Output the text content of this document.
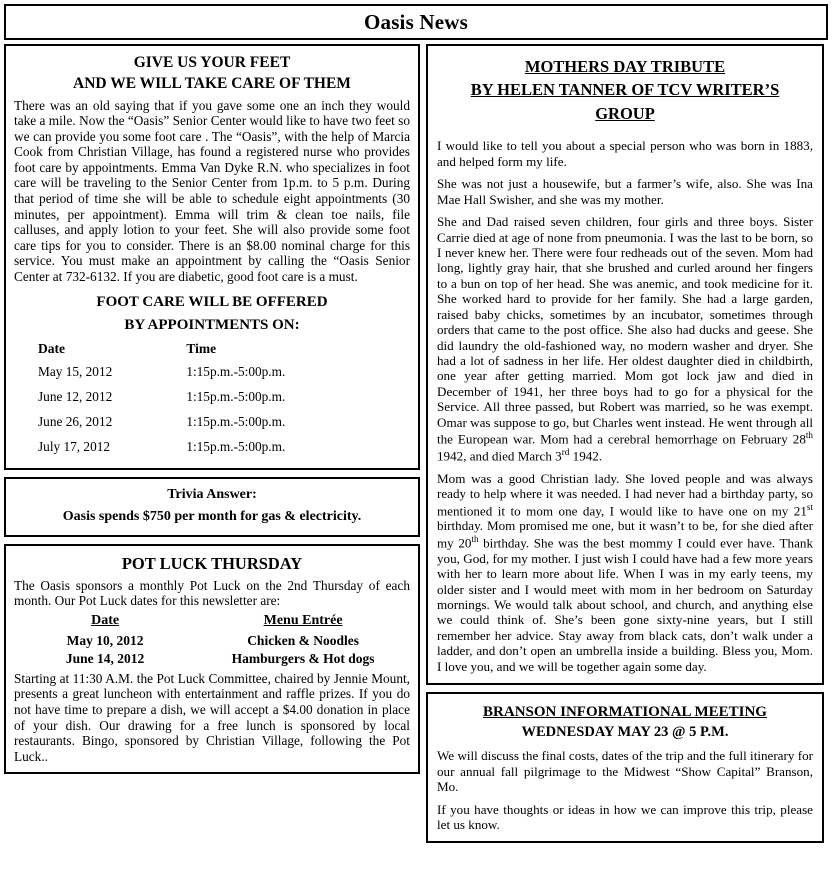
Oasis News
GIVE US YOUR FEET
AND WE WILL TAKE CARE OF THEM
There was an old saying that if you gave some one an inch they would take a mile. Now the “Oasis” Senior Center would like to have two feet so we can provide you some foot care . The “Oasis”, with the help of Marcia Cook from Christian Village, has found a registered nurse who provides foot care by appointments. Emma Van Dyke R.N. who specializes in foot care will be traveling to the Senior Center from 1p.m. to 5 p.m. During that period of time she will be able to schedule eight appointments (30 minutes, per appointment). Emma will trim & clean toe nails, file calluses, and apply lotion to your feet. She will also provide some foot care tips for you to consider. There is an $8.00 nominal charge for this service. You must make an appointment by calling the “Oasis Senior Center at 732-6132. If you are diabetic, good foot care is a must.
FOOT CARE WILL BE OFFERED
BY APPOINTMENTS ON:
Date	Time
May 15, 2012	1:15p.m.-5:00p.m.
June 12, 2012	1:15p.m.-5:00p.m.
June 26, 2012	1:15p.m.-5:00p.m.
July 17, 2012	1:15p.m.-5:00p.m.
Trivia Answer:
Oasis spends $750 per month for gas & electricity.
POT LUCK THURSDAY
The Oasis sponsors a monthly Pot Luck on the 2nd Thursday of each month. Our Pot Luck dates for this newsletter are:
Date	Menu Entrée
May 10, 2012	Chicken & Noodles
June 14, 2012	Hamburgers & Hot dogs
Starting at 11:30 A.M. the Pot Luck Committee, chaired by Jennie Mount, presents a great luncheon with entertainment and raffle prizes. If you do not have time to prepare a dish, we will accept a $4.00 donation in place of your dish. Our drawing for a free lunch is sponsored by local restaurants. Bingo, sponsored by Christian Village, following the Pot Luck..
MOTHERS DAY TRIBUTE
BY HELEN TANNER OF TCV WRITER’S
GROUP
I would like to tell you about a special person who was born in 1883, and helped form my life.
She was not just a housewife, but a farmer’s wife, also. She was Ina Mae Hall Swisher, and she was my mother.
She and Dad raised seven children, four girls and three boys. Sister Carrie died at age of none from pneumonia. I was the last to be born, so I never knew her. There were four redheads out of the seven. Mom had long, lightly gray hair, that she brushed and curled around her fingers to a bun on top of her head. She was anemic, and took medicine for it. She worked hard to provide for her family. She had a large garden, raised baby chicks, sometimes by an incubator, sometimes through orders that came to the post office. She also had ducks and geese. She did laundry the old-fashioned way, no modern washer and dryer. She had a lot of sadness in her life. Her oldest daughter died in childbirth, one year after getting married. Mom got lock jaw and died in December of 1941, her three boys had to go for a physical for the Service. All three passed, but Robert was married, so he was exempt. Omar was suppose to go, but Charles went instead. He went through all the European war. Mom had a cerebral hemorrhage on February 28th 1942, and died March 3rd 1942.
Mom was a good Christian lady. She loved people and was always ready to help where it was needed. I had never had a birthday party, so mentioned it to mom one day, I would like to have one on my 21st birthday. Mom promised me one, but it wasn’t to be, for she died after my 20th birthday. She was the best mommy I could ever have. Thank you, God, for my mother. I just wish I could have had a few more years with her to learn more about life. When I was in my early teens, my older sister and I would meet with mom in her bedroom on Saturday mornings. We would talk about school, and church, and anything else we could think of. She’s been gone sixty-nine years, but I still remember her advice. Stay away from black cats, don’t walk under a ladder, and don’t open an umbrella inside a building. Bless you, Mom. I love you, and we will be together again some day.
BRANSON INFORMATIONAL MEETING
WEDNESDAY MAY 23 @ 5 P.M.
We will discuss the final costs, dates of the trip and the full itinerary for our annual fall pilgrimage to the Midwest “Show Capital” Branson, Mo.
If you have thoughts or ideas in how we can improve this trip, please let us know.
